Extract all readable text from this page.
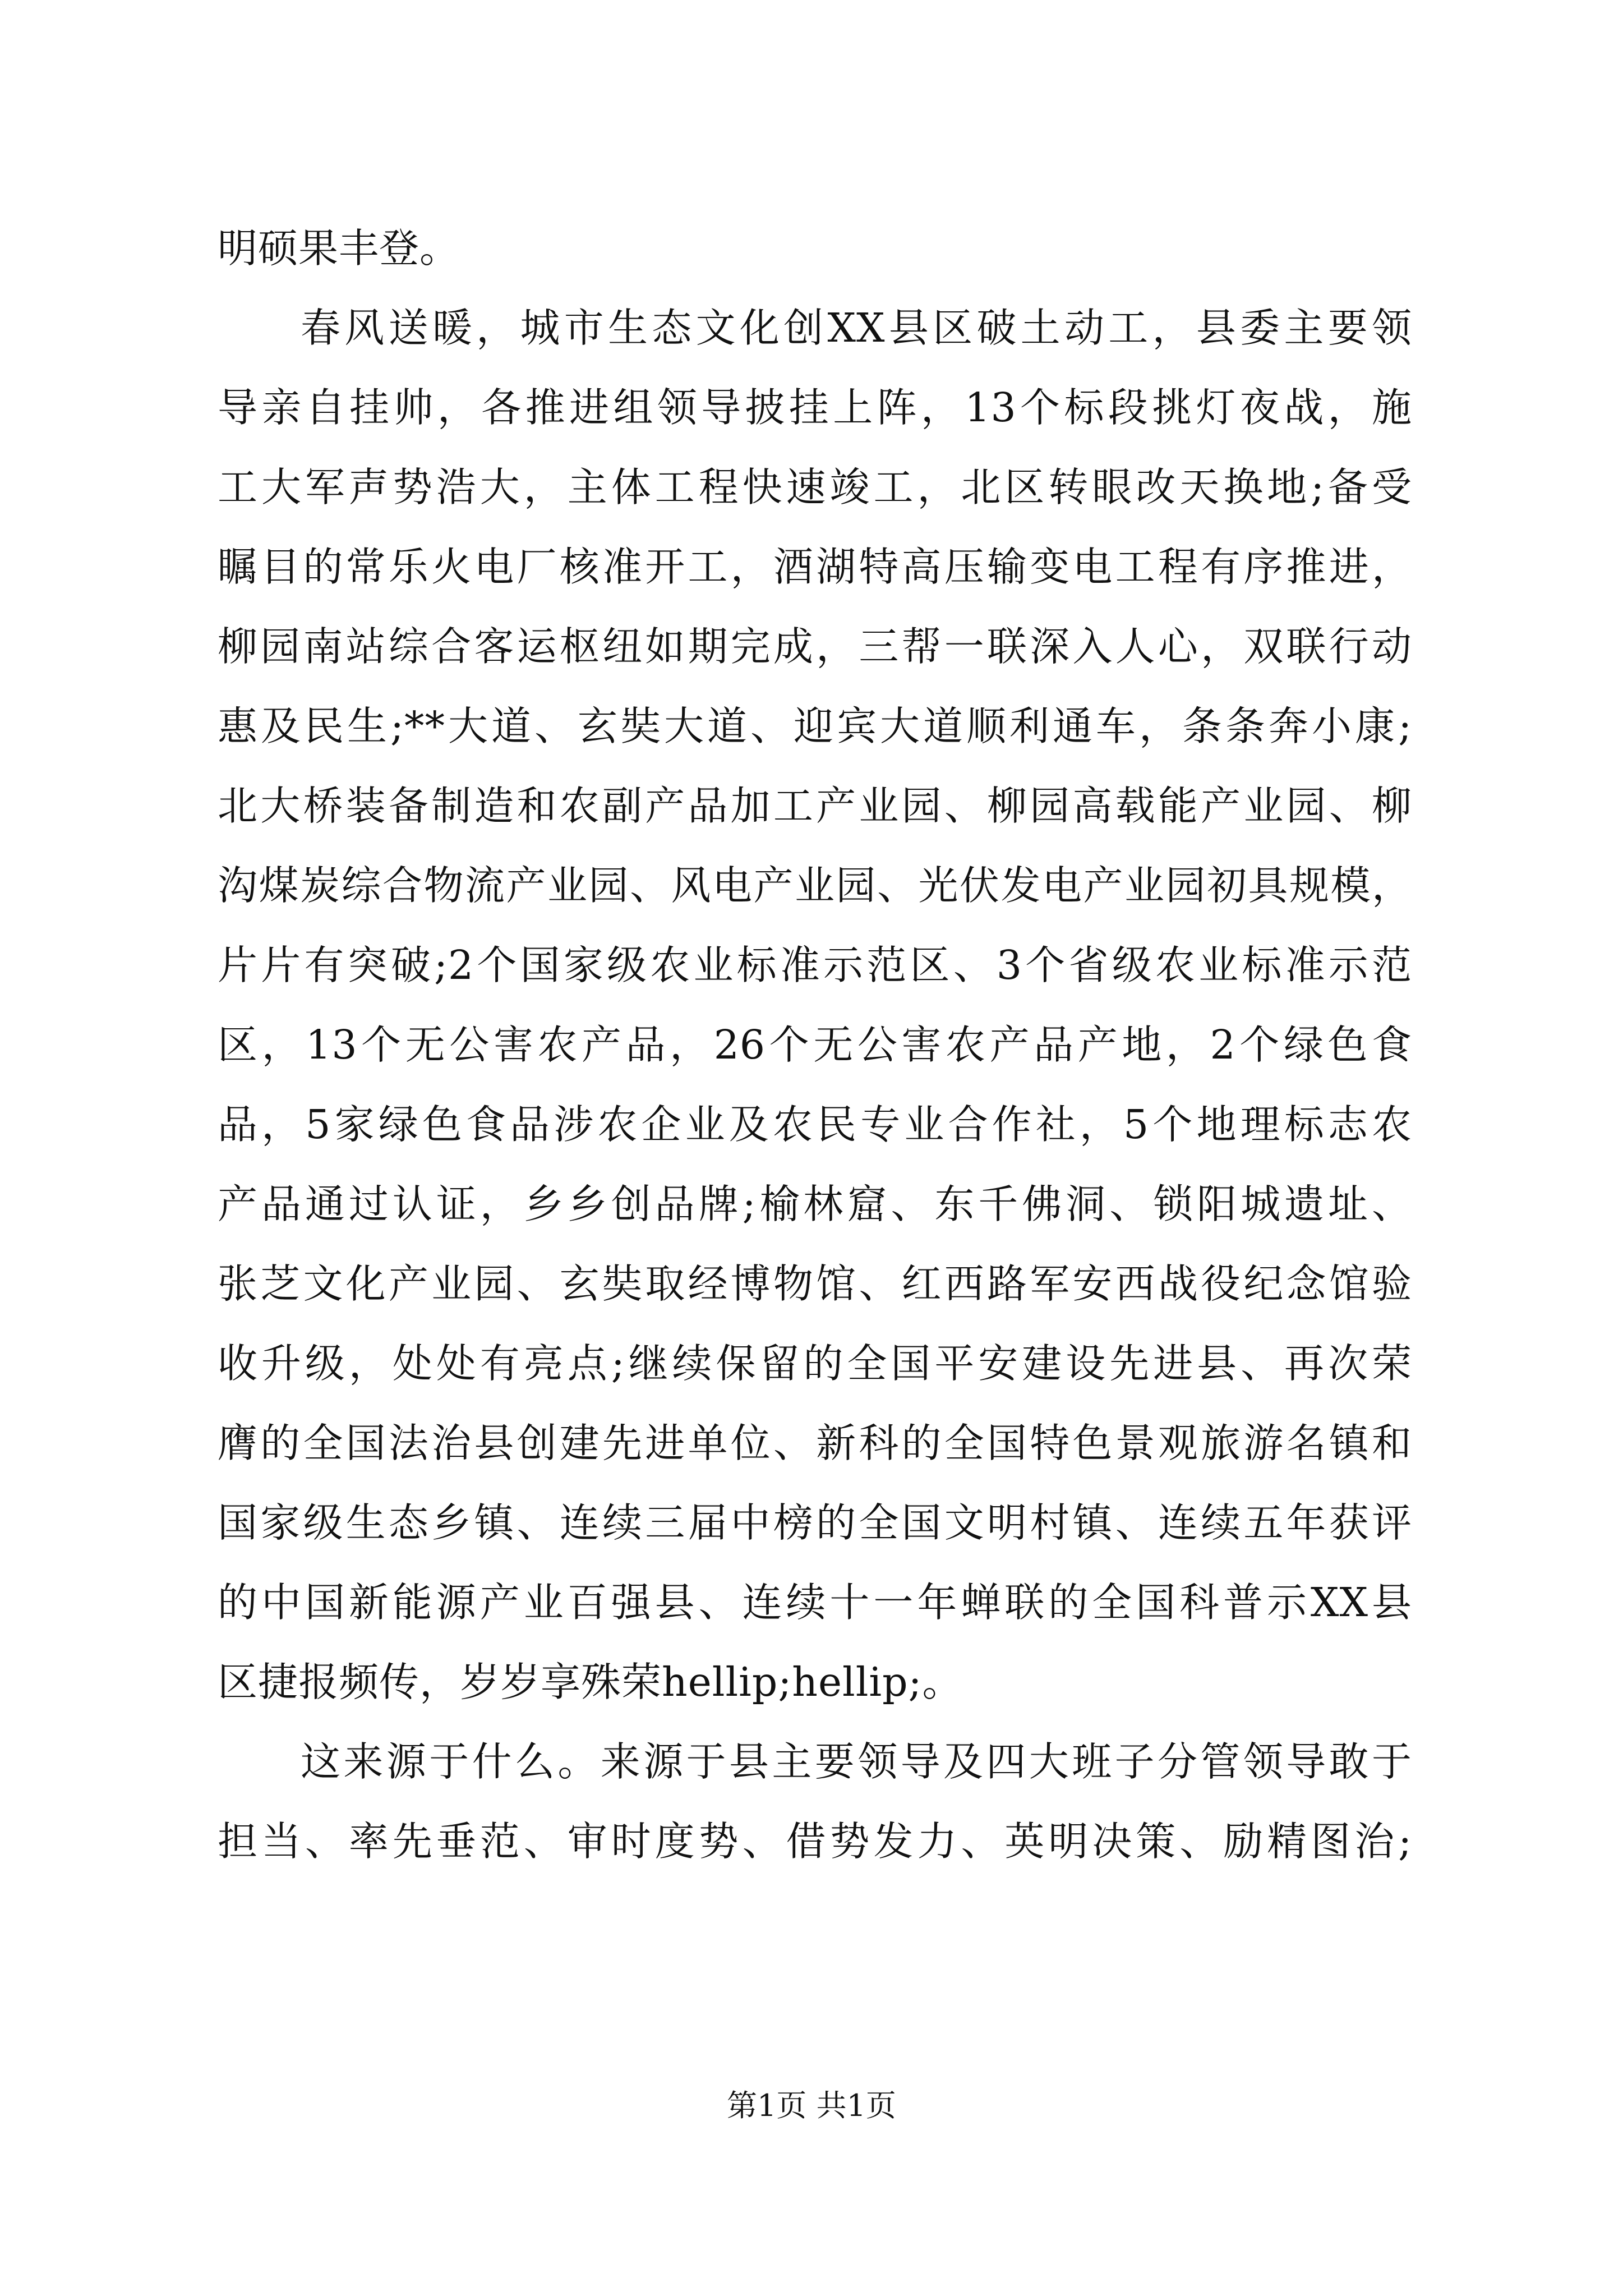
明硕果丰登。
春风送暖，城市生态文化创XX县区破土动工，县委主要领
导亲自挂帅，各推进组领导披挂上阵，13个标段挑灯夜战，施
工大军声势浩大，主体工程快速竣工，北区转眼改天换地;备受
瞩目的常乐火电厂核准开工，酒湖特高压输变电工程有序推进，
柳园南站综合客运枢纽如期完成，三帮一联深入人心，双联行动
惠及民生;**大道、玄奘大道、迎宾大道顺利通车，条条奔小康;
北大桥装备制造和农副产品加工产业园、柳园高载能产业园、柳
沟煤炭综合物流产业园、风电产业园、光伏发电产业园初具规模，
片片有突破;2个国家级农业标准示范区、3个省级农业标准示范
区，13个无公害农产品，26个无公害农产品产地，2个绿色食
品，5家绿色食品涉农企业及农民专业合作社，5个地理标志农
产品通过认证，乡乡创品牌;榆林窟、东千佛洞、锁阳城遗址、
张芝文化产业园、玄奘取经博物馆、红西路军安西战役纪念馆验
收升级，处处有亮点;继续保留的全国平安建设先进县、再次荣
膺的全国法治县创建先进单位、新科的全国特色景观旅游名镇和
国家级生态乡镇、连续三届中榜的全国文明村镇、连续五年获评
的中国新能源产业百强县、连续十一年蝉联的全国科普示XX县
区捷报频传，岁岁享殊荣hellip;hellip;。
这来源于什么。来源于县主要领导及四大班子分管领导敢于
担当、率先垂范、审时度势、借势发力、英明决策、励精图治;
第1页 共1页
